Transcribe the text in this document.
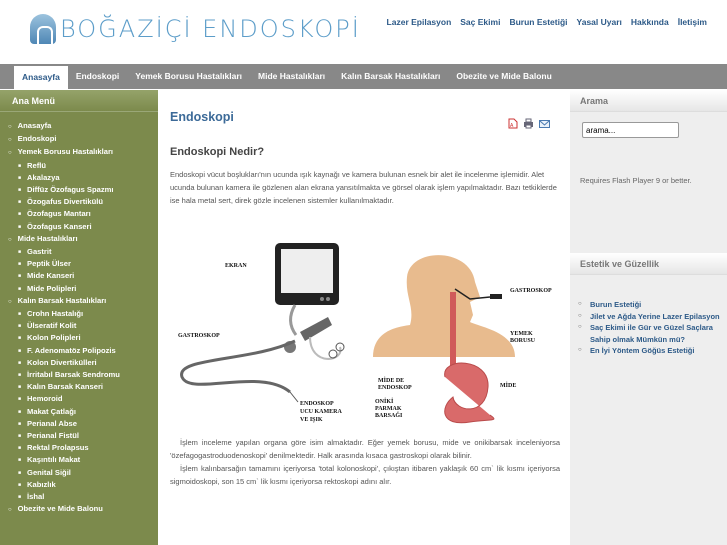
BOĞAZİÇİ ENDOSKOPİ	Lazer Epilasyon Saç Ekimi Burun Estetiği Yasal Uyarı Hakkında İletişim
Anasayfa	Endoskopi	Yemek Borusu Hastalıkları	Mide Hastalıkları	Kalın Barsak Hastalıkları	Obezite ve Mide Balonu
Ana Menü
○ Anasayfa
○ Endoskopi
○ Yemek Borusu Hastalıkları
■ Reflü
■ Akalazya
■ Diffüz Özofagus Spazmı
■ Özogafus Divertikülü
■ Özofagus Mantarı
■ Özofagus Kanseri
○ Mide Hastalıkları
■ Gastrit
■ Peptik Ülser
■ Mide Kanseri
■ Mide Polipleri
○ Kalın Barsak Hastalıkları
■ Crohn Hastalığı
■ Ülseratif Kolit
■ Kolon Polipleri
■ F. Adenomatöz Polipozis
■ Kolon Divertikülleri
■ İrritabıl Barsak Sendromu
■ Kalın Barsak Kanseri
■ Hemoroid
■ Makat Çatlağı
■ Perianal Abse
■ Perianal Fistül
■ Rektal Prolapsus
■ Kaşıntılı Makat
■ Genital Siğil
■ Kabızlık
■ İshal
○ Obezite ve Mide Balonu
Endoskopi
A
Endoskopi Nedir?

Endoskopi vücut boşlukları'nın ucunda ışık kaynağı ve kamera bulunan esnek bir alet ile incelenme işlemidir. Alet ucunda bulunan kamera ile gözlenen alan ekrana yansıtılmakta ve görsel olarak işlem yapılmaktadır. Bazı tetkiklerde ise hala metal sert, direk gözle incelenen sistemler kullanılmaktadır.

EKRAN
GASTROSKOP
ENDOSKOP
UCU KAMERA
VE IŞIK
GASTROSKOP
YEMEK
BORUSU
MİDE DE
ENDOSKOP	MİDE
ONİKİ
PARMAK
BARSAĞI

İşlem inceleme yapılan organa göre isim almaktadır. Eğer yemek borusu, mide ve onikibarsak inceleniyorsa 'özefagogastroduodenoskopi' denilmektedir. Halk arasında kısaca gastroskopi olarak bilinir.

İşlem kalınbarsağın tamamını içeriyorsa 'total kolonoskopi', çıkıştan itibaren yaklaşık 60 cm` lik kısmı içeriyorsa sigmoidoskopi, son 15 cm` lik kısmı içeriyorsa rektoskopi adını alır.

Arama
arama...
Requires Flash Player 9 or better.
Estetik ve Güzellik
○ Burun Estetiği
○ Jilet ve Ağda Yerine Lazer Epilasyon
○ Saç Ekimi ile Gür ve Güzel Saçlara Sahip olmak Mümkün mü?
○ En İyi Yöntem Göğüs Estetiği
